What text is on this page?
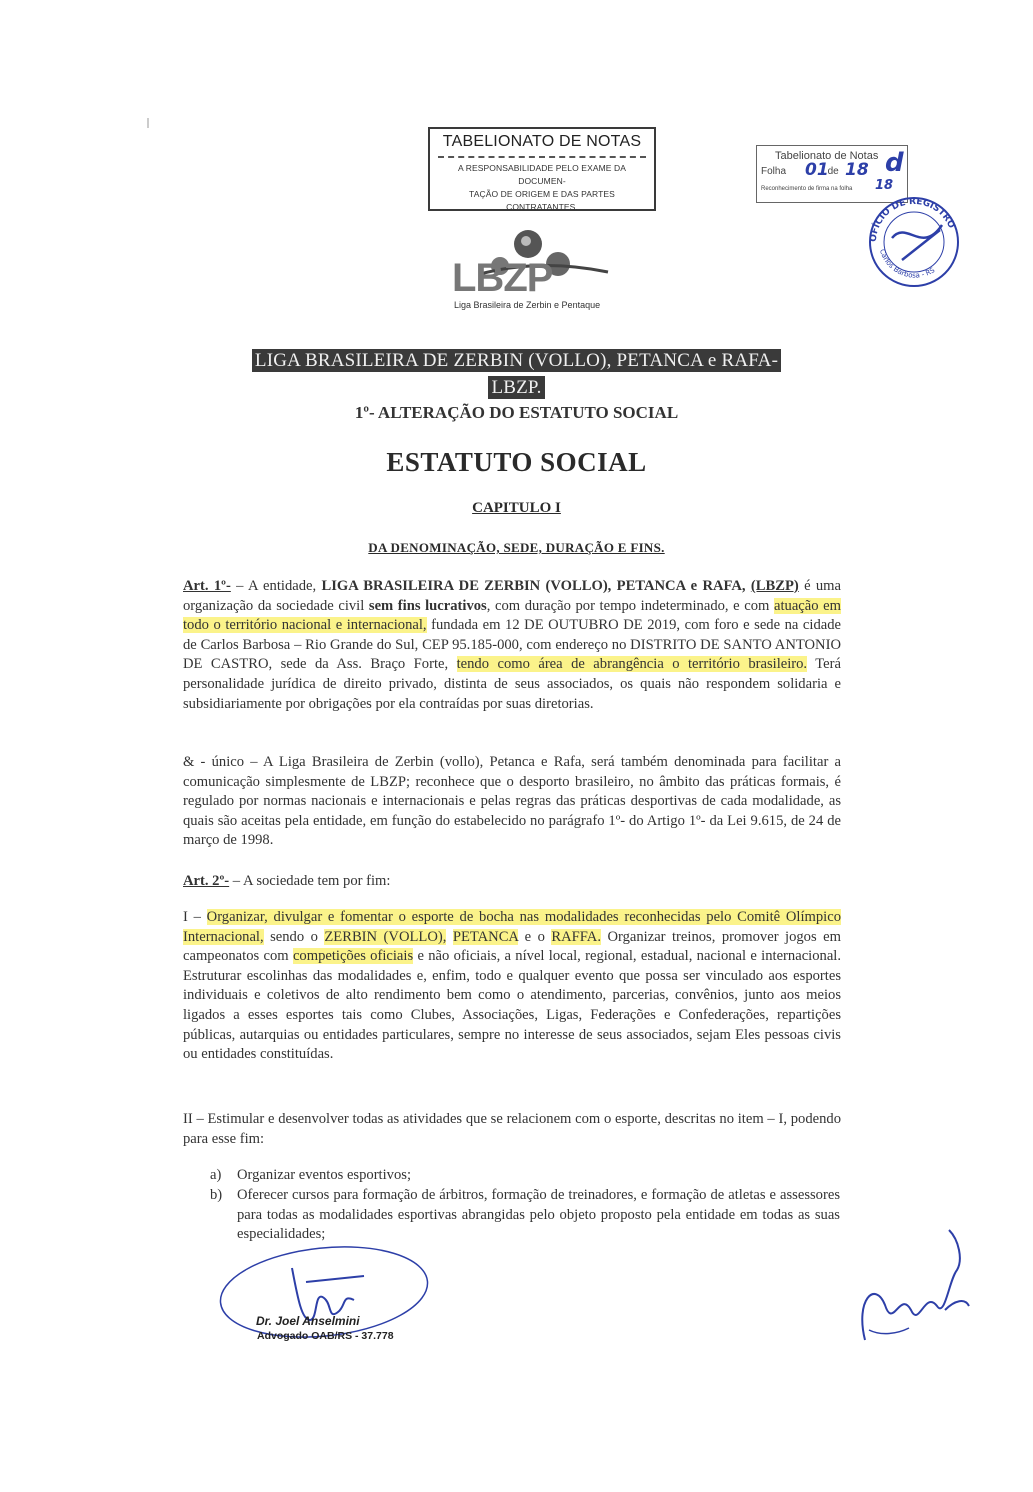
TABELIONATO DE NOTAS
A RESPONSABILIDADE PELO EXAME DA DOCUMEN-
TAÇÃO DE ORIGEM E DAS PARTES CONTRATANTES.
LBZP
Liga Brasileira de Zerbin e Pentaque
Tabelionato de Notas
Folha	de
Reconhecimento de firma na folha
01 18
18
d
OFÍCIO DE REGISTRO
Carlos Barbosa - RS
LIGA BRASILEIRA DE ZERBIN (VOLLO), PETANCA e RAFA-
LBZP.
1º- ALTERAÇÃO DO ESTATUTO SOCIAL
ESTATUTO SOCIAL
CAPITULO I
DA DENOMINAÇÃO, SEDE, DURAÇÃO E FINS.
Art. 1º- – A entidade, LIGA BRASILEIRA DE ZERBIN (VOLLO), PETANCA e RAFA, (LBZP) é uma organização da sociedade civil sem fins lucrativos, com duração por tempo indeterminado, e com atuação em todo o território nacional e internacional, fundada em 12 DE OUTUBRO DE 2019, com foro e sede na cidade de Carlos Barbosa – Rio Grande do Sul, CEP 95.185-000, com endereço no DISTRITO DE SANTO ANTONIO DE CASTRO, sede da Ass. Braço Forte, tendo como área de abrangência o território brasileiro. Terá personalidade jurídica de direito privado, distinta de seus associados, os quais não respondem solidaria e subsidiariamente por obrigações por ela contraídas por suas diretorias.
& - único – A Liga Brasileira de Zerbin (vollo), Petanca e Rafa, será também denominada para facilitar a comunicação simplesmente de LBZP; reconhece que o desporto brasileiro, no âmbito das práticas formais, é regulado por normas nacionais e internacionais e pelas regras das práticas desportivas de cada modalidade, as quais são aceitas pela entidade, em função do estabelecido no parágrafo 1º- do Artigo 1º- da Lei 9.615, de 24 de março de 1998.
Art. 2º- – A sociedade tem por fim:
I – Organizar, divulgar e fomentar o esporte de bocha nas modalidades reconhecidas pelo Comitê Olímpico Internacional, sendo o ZERBIN (VOLLO), PETANCA e o RAFFA. Organizar treinos, promover jogos em campeonatos com competições oficiais e não oficiais, a nível local, regional, estadual, nacional e internacional. Estruturar escolinhas das modalidades e, enfim, todo e qualquer evento que possa ser vinculado aos esportes individuais e coletivos de alto rendimento bem como o atendimento, parcerias, convênios, junto aos meios ligados a esses esportes tais como Clubes, Associações, Ligas, Federações e Confederações, repartições públicas, autarquias ou entidades particulares, sempre no interesse de seus associados, sejam Eles pessoas civis ou entidades constituídas.
II – Estimular e desenvolver todas as atividades que se relacionem com o esporte, descritas no item – I, podendo para esse fim:
a) Organizar eventos esportivos;
b) Oferecer cursos para formação de árbitros, formação de treinadores, e formação de atletas e assessores para todas as modalidades esportivas abrangidas pelo objeto proposto pela entidade em todas as suas especialidades;
Dr. Joel Anselmini
Advogado OAB/RS - 37.778
